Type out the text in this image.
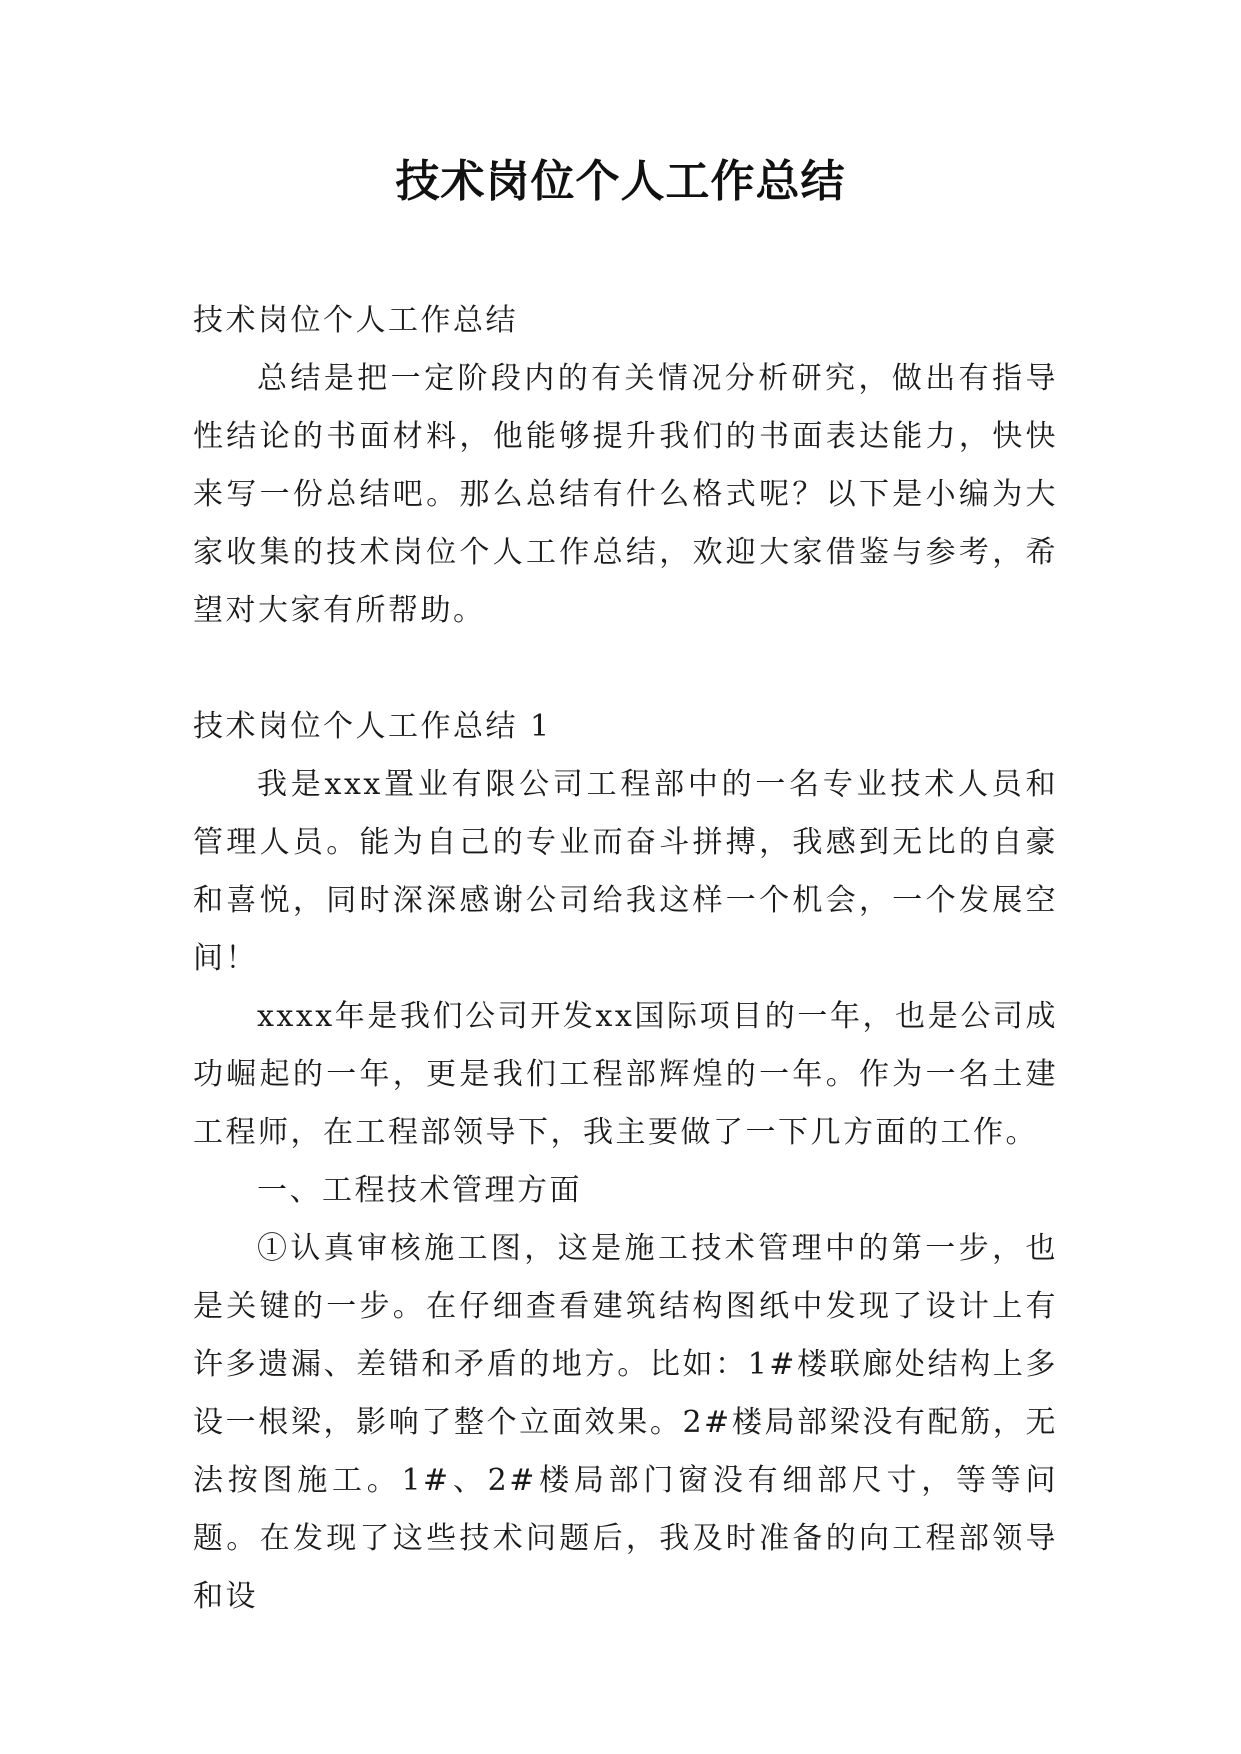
技术岗位个人工作总结

技术岗位个人工作总结

总结是把一定阶段内的有关情况分析研究，做出有指导性结论的书面材料，他能够提升我们的书面表达能力，快快来写一份总结吧。那么总结有什么格式呢？以下是小编为大家收集的技术岗位个人工作总结，欢迎大家借鉴与参考，希望对大家有所帮助。

技术岗位个人工作总结 1

我是xxx置业有限公司工程部中的一名专业技术人员和管理人员。能为自己的专业而奋斗拼搏，我感到无比的自豪和喜悦，同时深深感谢公司给我这样一个机会，一个发展空间！

xxxx年是我们公司开发xx国际项目的一年，也是公司成功崛起的一年，更是我们工程部辉煌的一年。作为一名土建工程师，在工程部领导下，我主要做了一下几方面的工作。

一、工程技术管理方面

①认真审核施工图，这是施工技术管理中的第一步，也是关键的一步。在仔细查看建筑结构图纸中发现了设计上有许多遗漏、差错和矛盾的地方。比如：1#楼联廊处结构上多设一根梁，影响了整个立面效果。2#楼局部梁没有配筋，无法按图施工。1#、2#楼局部门窗没有细部尺寸，等等问题。在发现了这些技术问题后，我及时准备的向工程部领导和设
